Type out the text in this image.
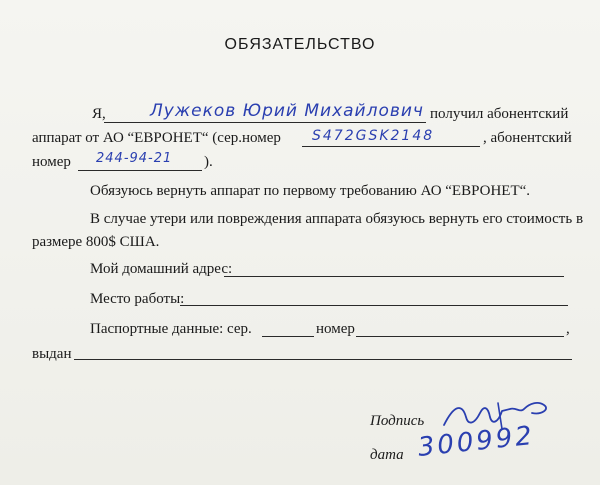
ОБЯЗАТЕЛЬСТВО
Я,	Лужеков Юрий Михайлович получил абонентский
аппарат от АО “ЕВРОНЕТ“ (сер.номер S472GSK2148	, абонентский
номер 244-94-21 ).
Обязуюсь вернуть аппарат по первому требованию АО “ЕВРОНЕТ“.
В случае утери или повреждения аппарата обязуюсь вернуть его стоимость в
размере 800$ США.
Мой домашний адрес:
Место работы:
Паспортные данные: сер.	номер	,
выдан
Подпись
дата 300992
